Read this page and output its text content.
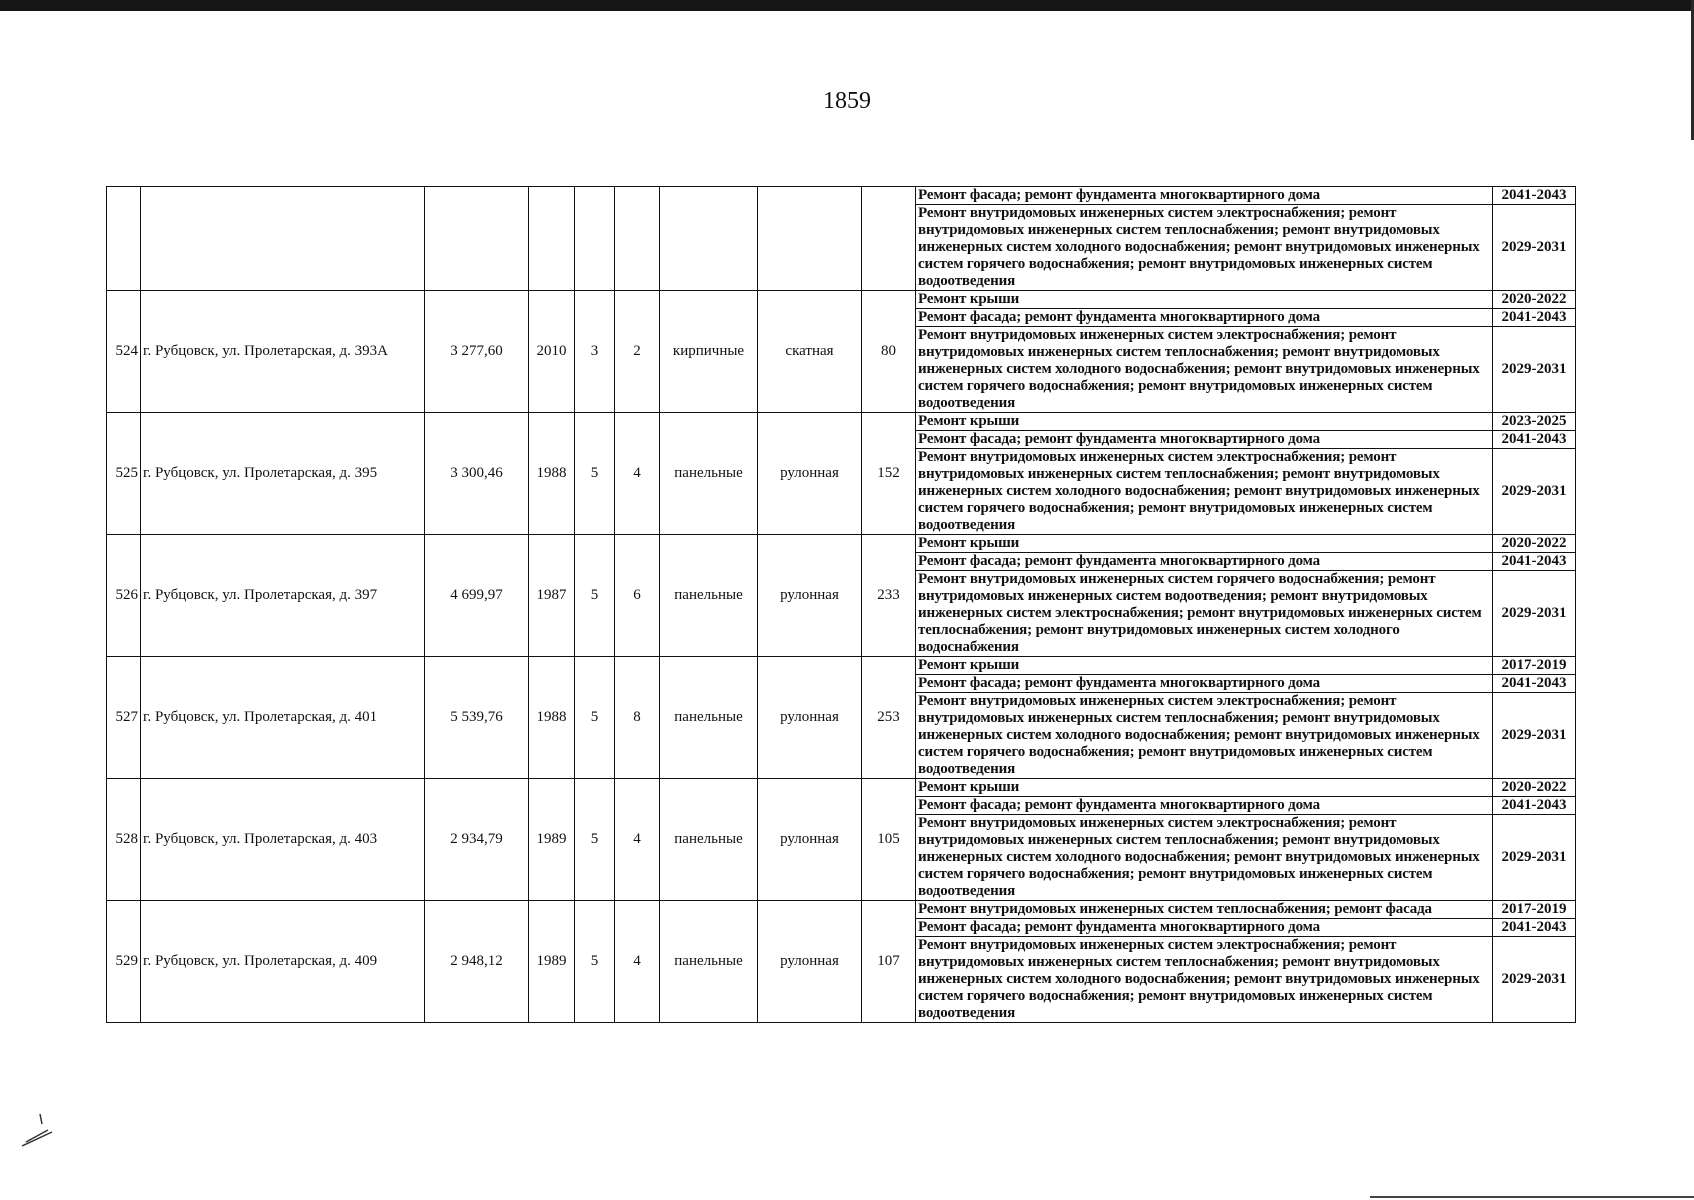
1859
									Ремонт фасада; ремонт фундамента многоквартирного дома	2041-2043
									Ремонт внутридомовых инженерных систем электроснабжения; ремонт внутридомовых инженерных систем теплоснабжения; ремонт внутридомовых инженерных систем холодного водоснабжения; ремонт внутридомовых инженерных систем горячего водоснабжения; ремонт внутридомовых инженерных систем водоотведения	2029-2031
524	г. Рубцовск, ул. Пролетарская, д. 393А	3 277,60	2010	3	2	кирпичные	скатная	80	Ремонт крыши	2020-2022
									Ремонт фасада; ремонт фундамента многоквартирного дома	2041-2043
									Ремонт внутридомовых инженерных систем электроснабжения; ремонт внутридомовых инженерных систем теплоснабжения; ремонт внутридомовых инженерных систем холодного водоснабжения; ремонт внутридомовых инженерных систем горячего водоснабжения; ремонт внутридомовых инженерных систем водоотведения	2029-2031
525	г. Рубцовск, ул. Пролетарская, д. 395	3 300,46	1988	5	4	панельные	рулонная	152	Ремонт крыши	2023-2025
									Ремонт фасада; ремонт фундамента многоквартирного дома	2041-2043
									Ремонт внутридомовых инженерных систем электроснабжения; ремонт внутридомовых инженерных систем теплоснабжения; ремонт внутридомовых инженерных систем холодного водоснабжения; ремонт внутридомовых инженерных систем горячего водоснабжения; ремонт внутридомовых инженерных систем водоотведения	2029-2031
526	г. Рубцовск, ул. Пролетарская, д. 397	4 699,97	1987	5	6	панельные	рулонная	233	Ремонт крыши	2020-2022
									Ремонт фасада; ремонт фундамента многоквартирного дома	2041-2043
									Ремонт внутридомовых инженерных систем горячего водоснабжения; ремонт внутридомовых инженерных систем водоотведения; ремонт внутридомовых инженерных систем электроснабжения; ремонт внутридомовых инженерных систем теплоснабжения; ремонт внутридомовых инженерных систем холодного водоснабжения	2029-2031
527	г. Рубцовск, ул. Пролетарская, д. 401	5 539,76	1988	5	8	панельные	рулонная	253	Ремонт крыши	2017-2019
									Ремонт фасада; ремонт фундамента многоквартирного дома	2041-2043
									Ремонт внутридомовых инженерных систем электроснабжения; ремонт внутридомовых инженерных систем теплоснабжения; ремонт внутридомовых инженерных систем холодного водоснабжения; ремонт внутридомовых инженерных систем горячего водоснабжения; ремонт внутридомовых инженерных систем водоотведения	2029-2031
528	г. Рубцовск, ул. Пролетарская, д. 403	2 934,79	1989	5	4	панельные	рулонная	105	Ремонт крыши	2020-2022
									Ремонт фасада; ремонт фундамента многоквартирного дома	2041-2043
									Ремонт внутридомовых инженерных систем электроснабжения; ремонт внутридомовых инженерных систем теплоснабжения; ремонт внутридомовых инженерных систем холодного водоснабжения; ремонт внутридомовых инженерных систем горячего водоснабжения; ремонт внутридомовых инженерных систем водоотведения	2029-2031
529	г. Рубцовск, ул. Пролетарская, д. 409	2 948,12	1989	5	4	панельные	рулонная	107	Ремонт внутридомовых инженерных систем теплоснабжения; ремонт фасада	2017-2019
									Ремонт фасада; ремонт фундамента многоквартирного дома	2041-2043
									Ремонт внутридомовых инженерных систем электроснабжения; ремонт внутридомовых инженерных систем теплоснабжения; ремонт внутридомовых инженерных систем холодного водоснабжения; ремонт внутридомовых инженерных систем горячего водоснабжения; ремонт внутридомовых инженерных систем водоотведения	2029-2031
